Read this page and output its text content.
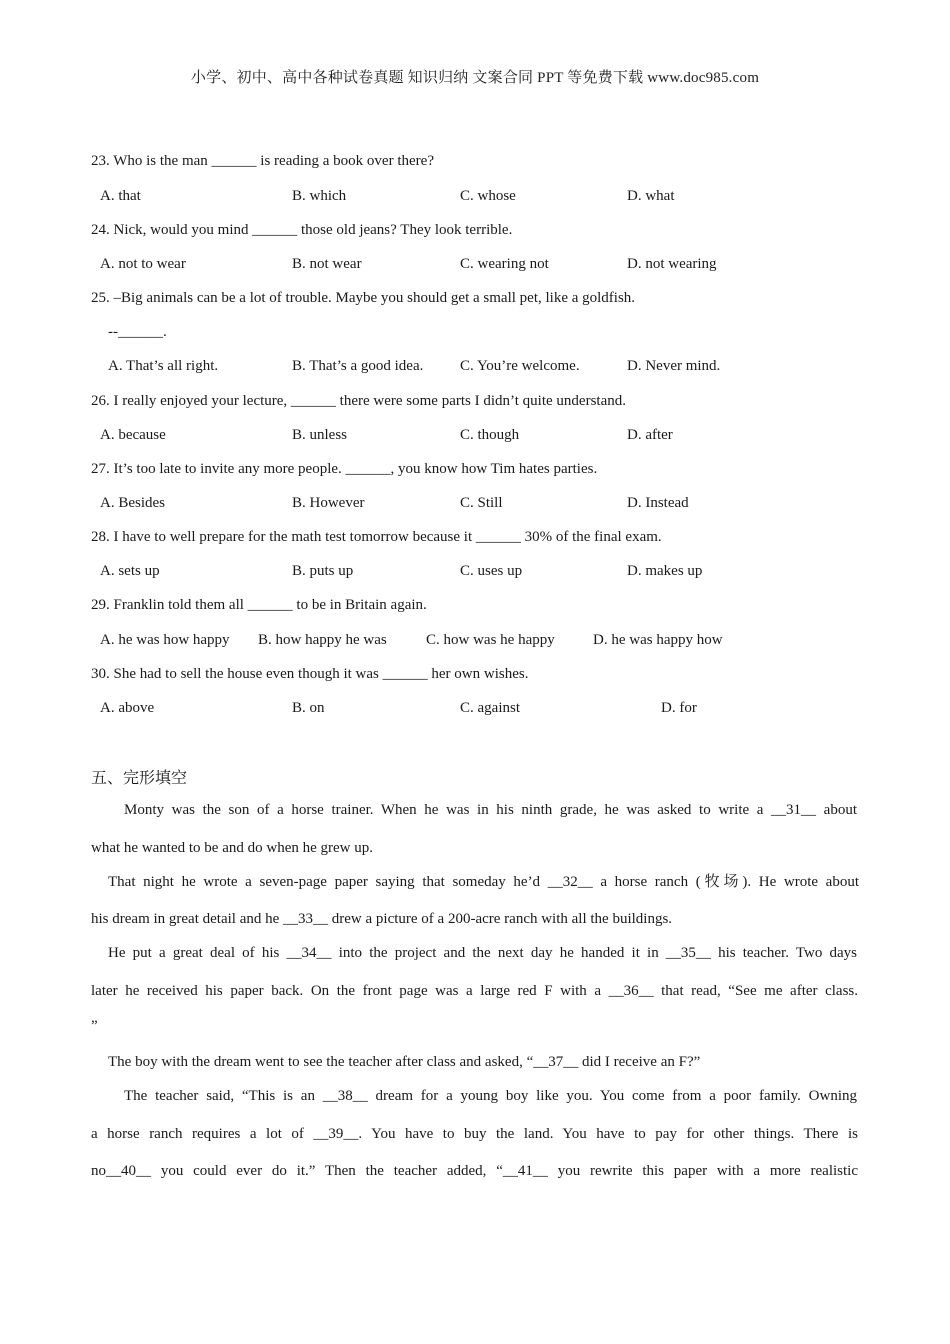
小学、初中、高中各种试卷真题 知识归纳 文案合同 PPT 等免费下载 www.doc985.com
23. Who is the man ______ is reading a book over there?
A. that	B. which	C. whose	D. what
24. Nick, would you mind ______ those old jeans? They look terrible.
A. not to wear	B. not wear	C. wearing not	D. not wearing
25. –Big animals can be a lot of trouble. Maybe you should get a small pet, like a goldfish.
--______.
A. That’s all right.	B. That’s a good idea. C. You’re welcome.	D. Never mind.
26. I really enjoyed your lecture, ______ there were some parts I didn’t quite understand.
A. because	B. unless	C. though	D. after
27. It’s too late to invite any more people. ______, you know how Tim hates parties.
A. Besides	B. However	C. Still	D. Instead
28. I have to well prepare for the math test tomorrow because it ______ 30% of the final exam.
A. sets up	B. puts up	C. uses up	D. makes up
29. Franklin told them all ______ to be in Britain again.
A. he was how happy B. how happy he was	C. how was he happy	D. he was happy how
30. She had to sell the house even though it was ______ her own wishes.
A. above	B. on	C. against	D. for
五、完形填空
Monty was the son of a horse trainer. When he was in his ninth grade, he was asked to write a __31__ about
what he wanted to be and do when he grew up.
That night he wrote a seven-page paper saying that someday he’d __32__ a horse ranch (牧场). He wrote about
his dream in great detail and he __33__ drew a picture of a 200-acre ranch with all the buildings.
He put a great deal of his __34__ into the project and the next day he handed it in __35__ his teacher. Two days
later he received his paper back. On the front page was a large red F with a __36__ that read, “See me after class.
”
The boy with the dream went to see the teacher after class and asked, “__37__ did I receive an F?”
The teacher said, “This is an __38__ dream for a young boy like you. You come from a poor family. Owning
a horse ranch requires a lot of __39__. You have to buy the land. You have to pay for other things. There is
no__40__ you could ever do it.” Then the teacher added, “__41__ you rewrite this paper with a more realistic
